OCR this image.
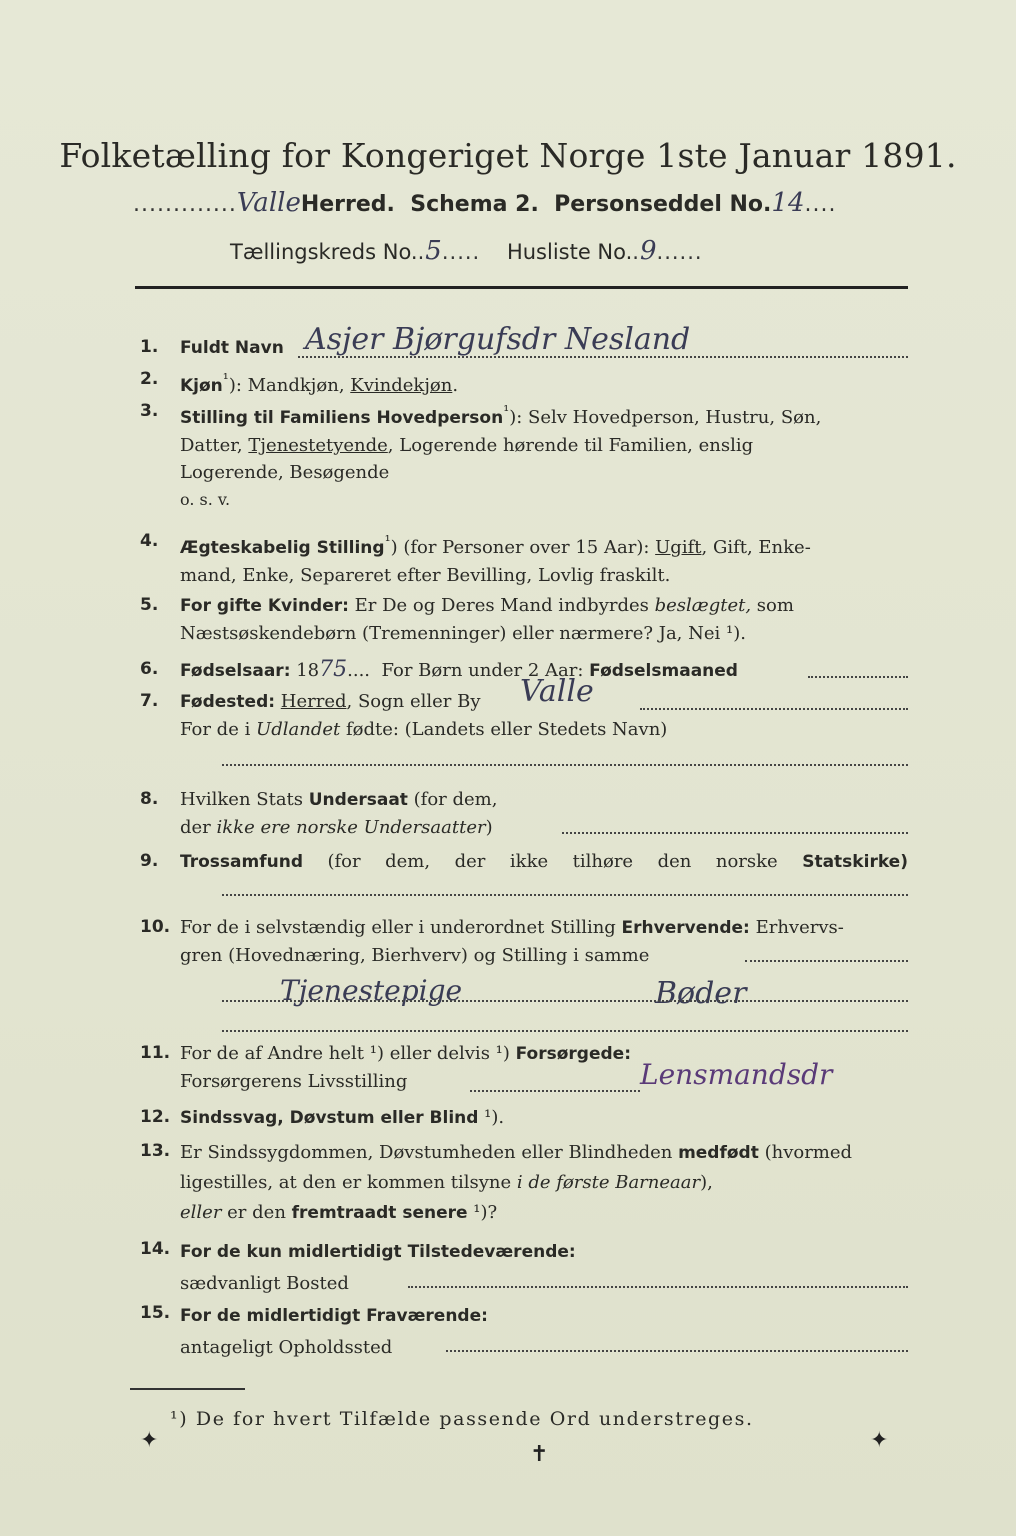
Folketælling for Kongeriget Norge 1ste Januar 1891.
.............ValleHerred. Schema 2. Personseddel No.14....
Tællingskreds No..5..... Husliste No..9......
1.	Fuldt Navn Asjer Bjørgufsdr Nesland
2.	Kjøn$^{^1}$): Mandkjøn, Kvindekjøn.
3.	Stilling til Familiens Hovedperson$^{^1}$): Selv Hovedperson, Hustru, Søn,
Datter, Tjenestetyende, Logerende hørende til Familien, enslig
Logerende, Besøgende
o. s. v.
4.	Ægteskabelig Stilling$^{^1}$) (for Personer over 15 Aar): Ugift, Gift, Enke-
mand, Enke, Separeret efter Bevilling, Lovlig fraskilt.
5.	For gifte Kvinder: Er De og Deres Mand indbyrdes beslægtet, som
Næstsøskendebørn (Tremenninger) eller nærmere? Ja, Nei ¹).
6.	Fødselsaar: 1875.... For Børn under 2 Aar: Fødselsmaaned
7.	Fødested: Herred, Sogn eller By
For de i Udlandet fødte: (Landets eller Stedets Navn)
Valle
8.	Hvilken Stats Undersaat (for dem,
der ikke ere norske Undersaatter)
9.	Trossamfund (for dem, der ikke tilhøre den norske Statskirke)
10. For de i selvstændig eller i underordnet Stilling Erhvervende: Erhvervs-
gren (Hovednæring, Bierhverv) og Stilling i samme
Tjenestepige	Bøder
11. For de af Andre helt ¹) eller delvis ¹) Forsørgede:
Forsørgerens Livsstilling	Lensmandsdr
12. Sindssvag, Døvstum eller Blind ¹).
13. Er Sindssygdommen, Døvstumheden eller Blindheden medfødt (hvormed
ligestilles, at den er kommen tilsyne i de første Barneaar),
eller er den fremtraadt senere ¹)?
14. For de kun midlertidigt Tilstedeværende:
sædvanligt Bosted
15. For de midlertidigt Fraværende:
antageligt Opholdssted
¹) De for hvert Tilfælde passende Ord understreges.
✦
✝
✦
